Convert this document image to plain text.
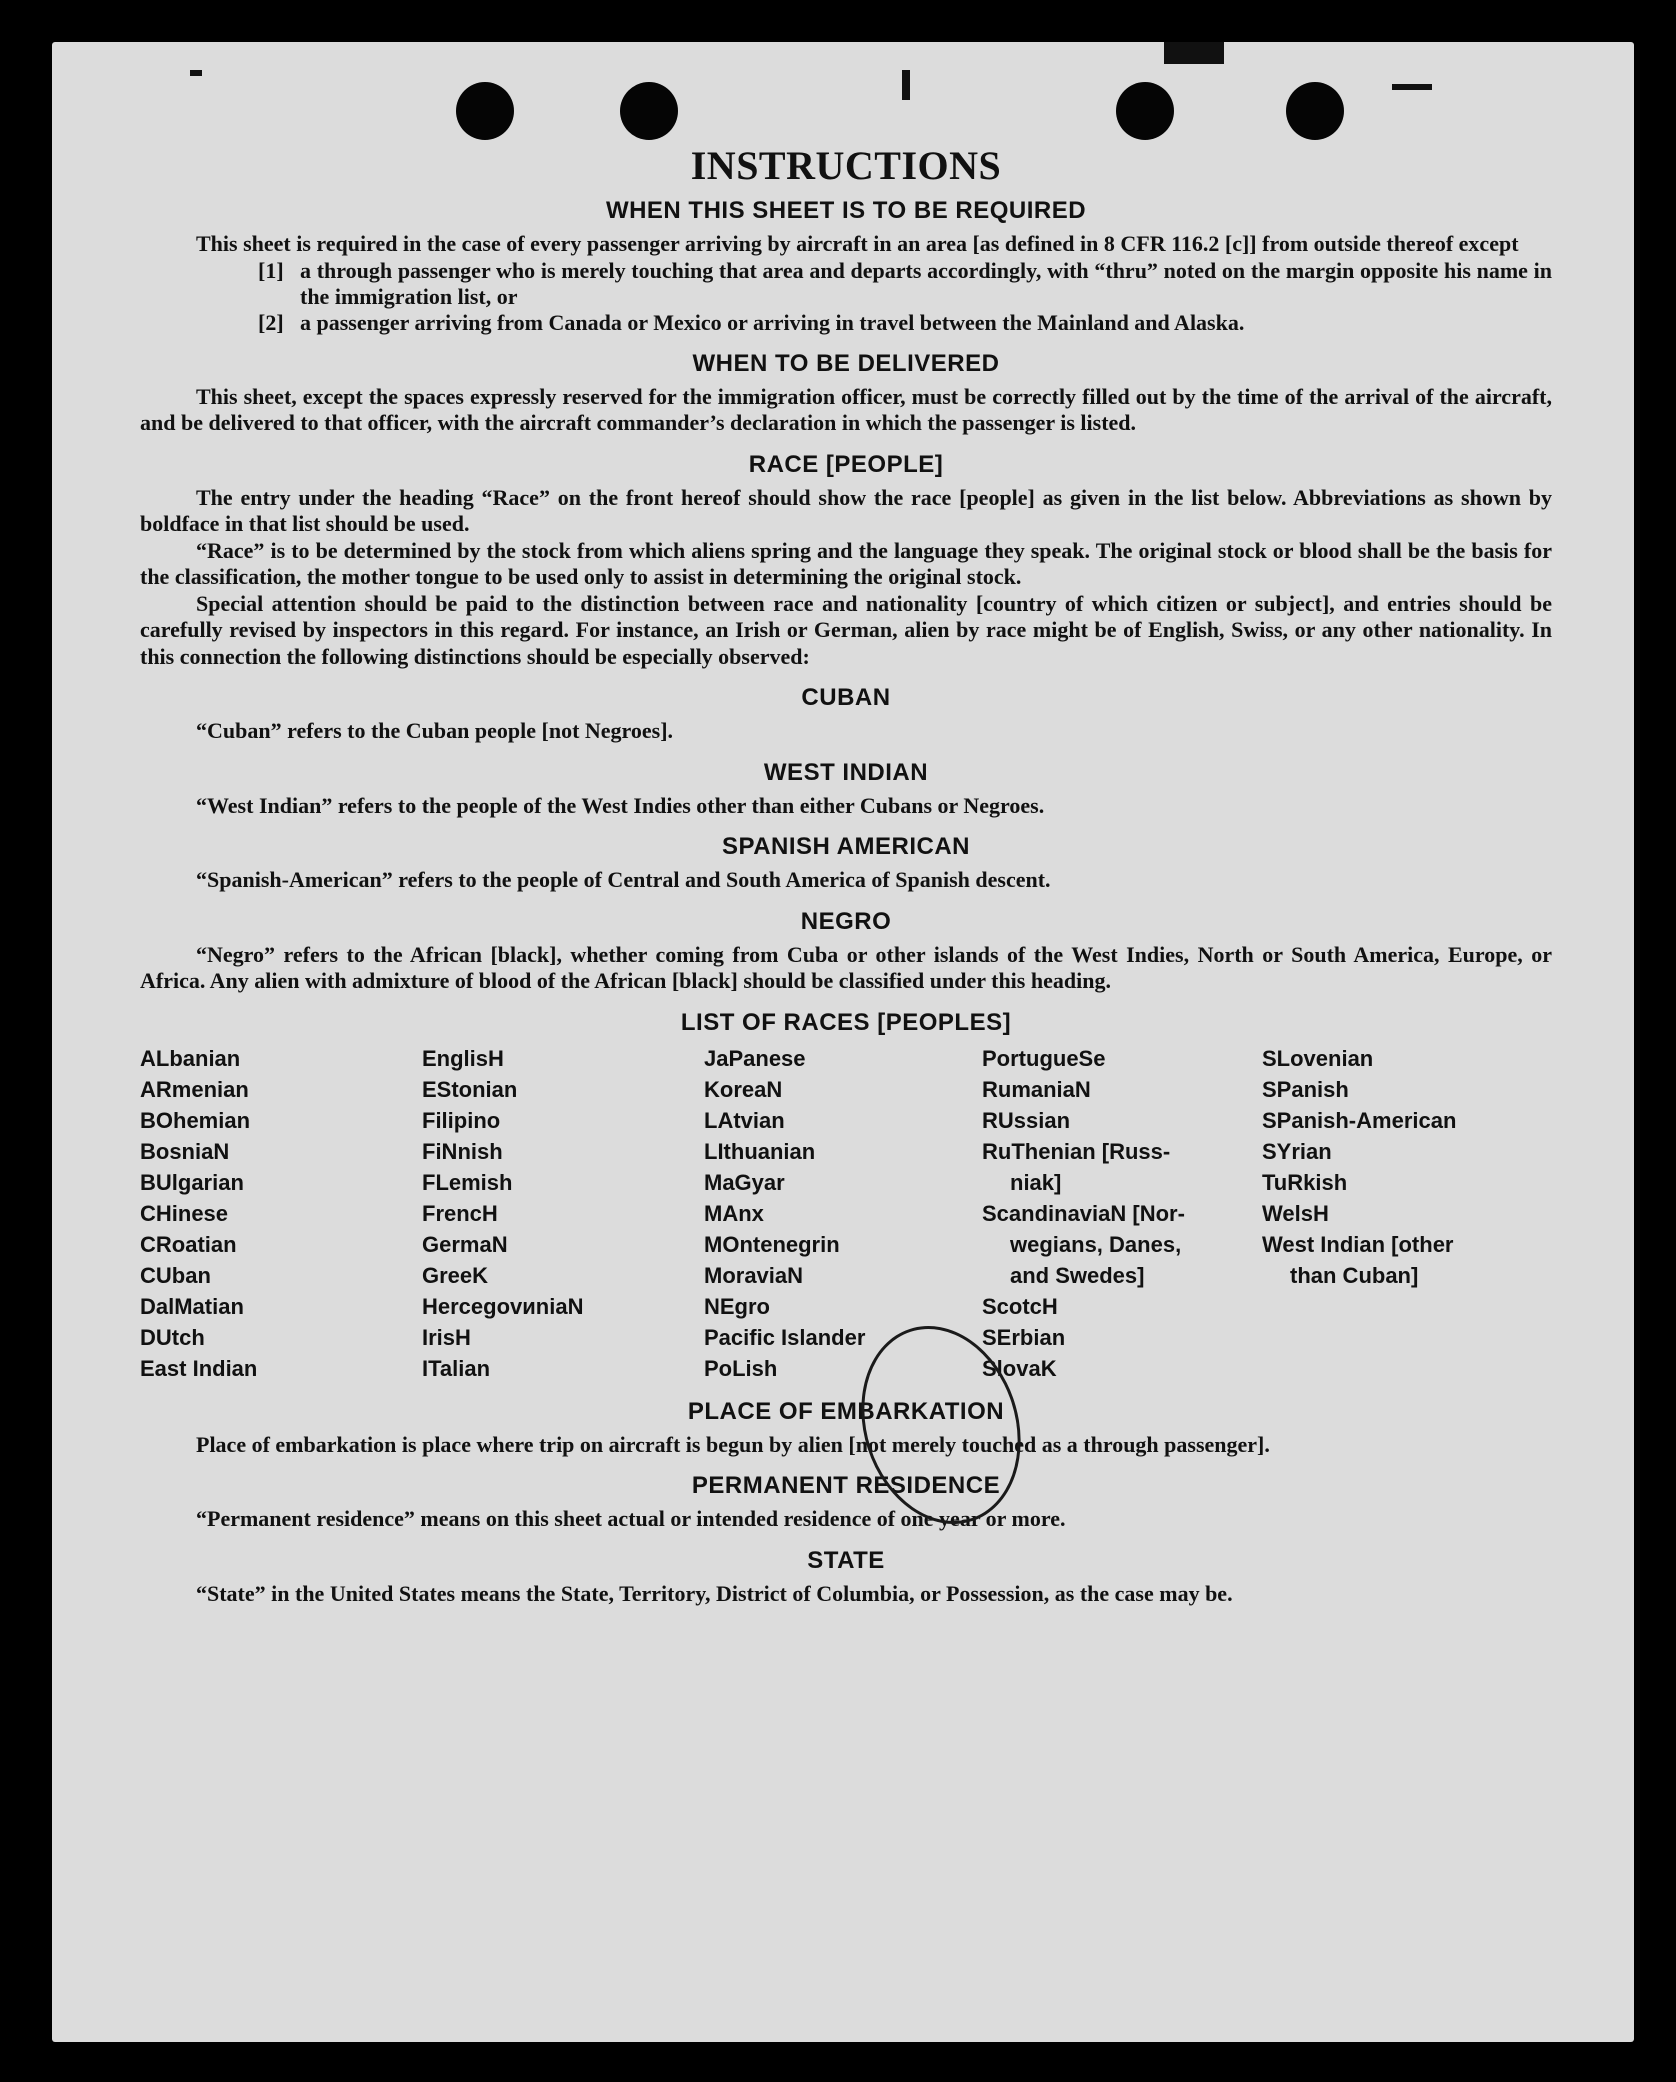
INSTRUCTIONS
WHEN THIS SHEET IS TO BE REQUIRED

This sheet is required in the case of every passenger arriving by aircraft in an area [as defined in 8 CFR 116.2 [c]] from outside thereof except

[1] a through passenger who is merely touching that area and departs accordingly, with “thru” noted on the margin opposite his name in the immigration list, or
[2] a passenger arriving from Canada or Mexico or arriving in travel between the Mainland and Alaska.
WHEN TO BE DELIVERED

This sheet, except the spaces expressly reserved for the immigration officer, must be correctly filled out by the time of the arrival of the aircraft, and be delivered to that officer, with the aircraft commander’s declaration in which the passenger is listed.

RACE [PEOPLE]

The entry under the heading “Race” on the front hereof should show the race [people] as given in the list below. Abbreviations as shown by boldface in that list should be used.

“Race” is to be determined by the stock from which aliens spring and the language they speak. The original stock or blood shall be the basis for the classification, the mother tongue to be used only to assist in determining the original stock.

Special attention should be paid to the distinction between race and nationality [country of which citizen or subject], and entries should be carefully revised by inspectors in this regard. For instance, an Irish or German, alien by race might be of English, Swiss, or any other nationality. In this connection the following distinctions should be especially observed:

CUBAN

“Cuban” refers to the Cuban people [not Negroes].

WEST INDIAN

“West Indian” refers to the people of the West Indies other than either Cubans or Negroes.

SPANISH AMERICAN

“Spanish-American” refers to the people of Central and South America of Spanish descent.

NEGRO

“Negro” refers to the African [black], whether coming from Cuba or other islands of the West Indies, North or South America, Europe, or Africa. Any alien with admixture of blood of the African [black] should be classified under this heading.

LIST OF RACES [PEOPLES]
ALbanian
ARmenian
BOhemian
BosniaN
BUlgarian
CHinese
CRoatian
CUban
DalMatian
DUtch
East Indian
EnglisH
EStonian
Filipino
FiNnish
FLemish
FrencH
GermaN
GreeK
HercegovиniaN
IrisH
ITalian
JaPanese
KoreaN
LAtvian
LIthuanian
MaGyar
MAnx
MOntenegrin
MoraviaN
NEgro
Pacific Islander
PoLish
PortugueSe
RumaniaN
RUssian
RuThenian [Russ-
niak]
ScandinaviaN [Nor-
wegians, Danes,
and Swedes]
ScotcH
SErbian
SlovaK
SLovenian
SPanish
SPanish-American
SYrian
TuRkish
WelsH
West Indian [other
than Cuban]
PLACE OF EMBARKATION

Place of embarkation is place where trip on aircraft is begun by alien [not merely touched as a through passenger].

PERMANENT RESIDENCE

“Permanent residence” means on this sheet actual or intended residence of one year or more.

STATE

“State” in the United States means the State, Territory, District of Columbia, or Possession, as the case may be.
